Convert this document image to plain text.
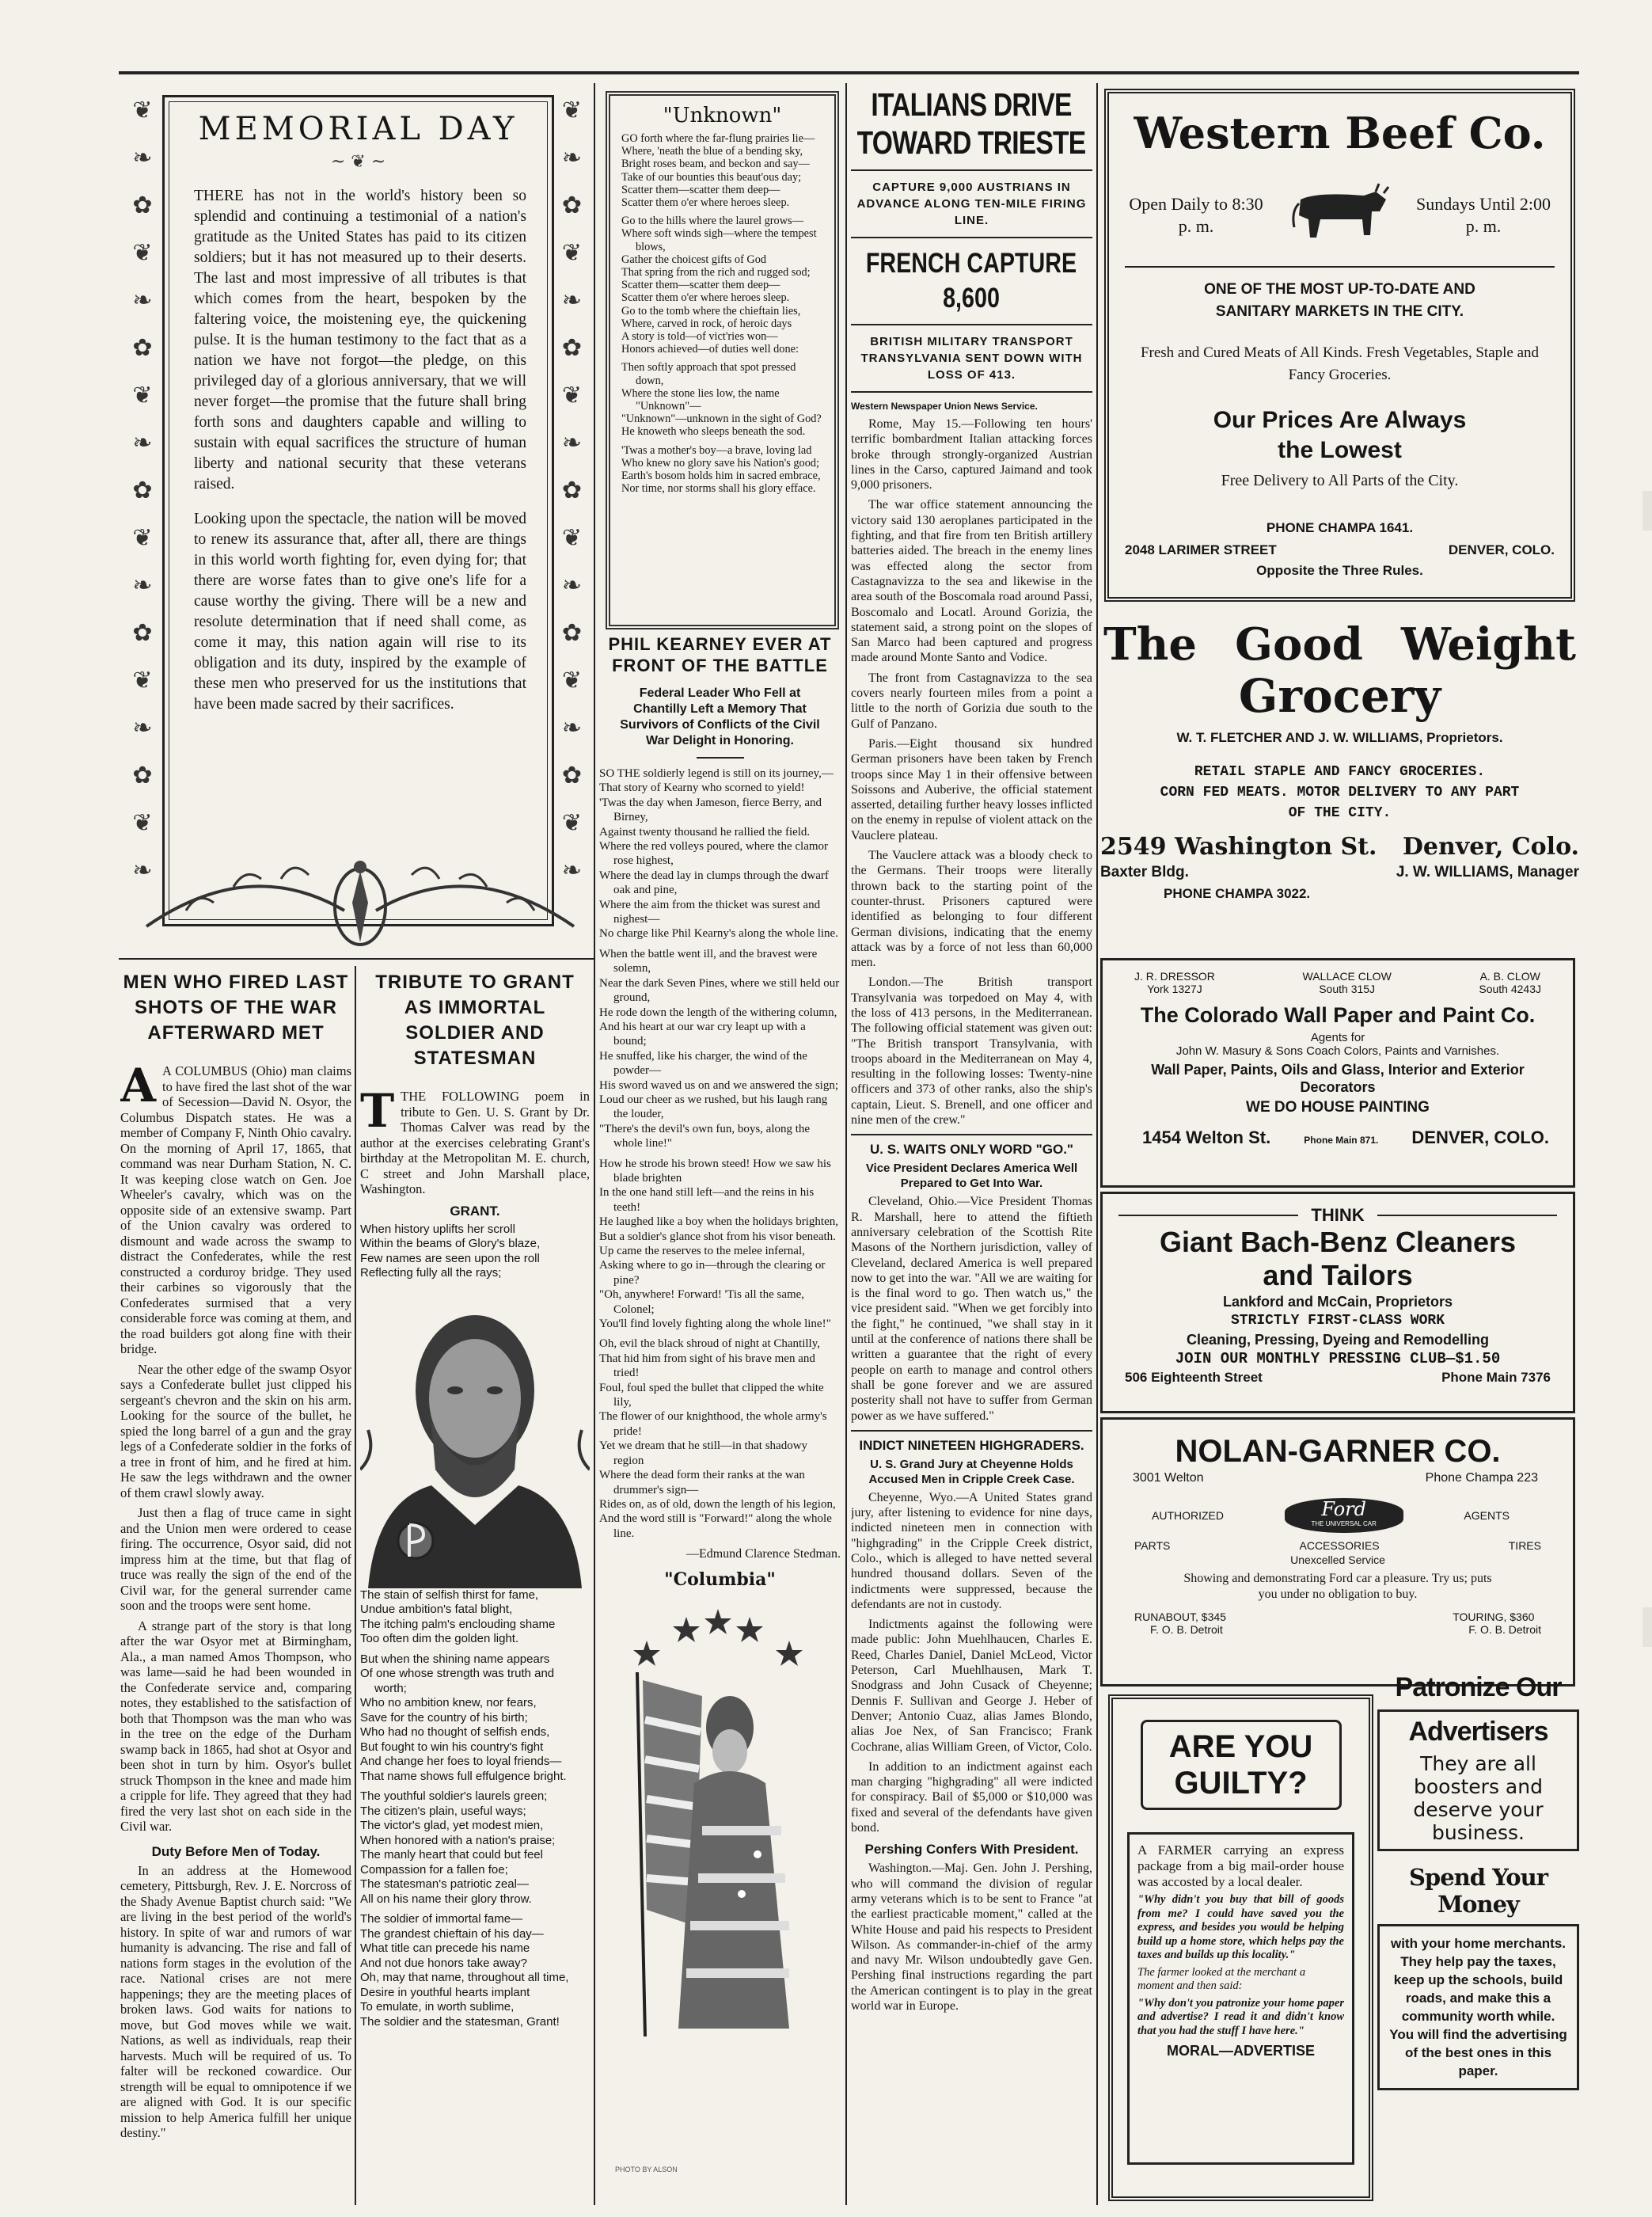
❦
❧
✿
❦
❧
✿
❦
❧
✿
❦
❧
✿
❦
❧
✿
❦
❧
❦
❧
✿
❦
❧
✿
❦
❧
✿
❦
❧
✿
❦
❧
✿
❦
❧
MEMORIAL DAY
~ ❦ ~

THERE has not in the world's history been so splendid and continuing a testimonial of a nation's gratitude as the United States has paid to its citizen soldiers; but it has not measured up to their deserts. The last and most impressive of all tributes is that which comes from the heart, bespoken by the faltering voice, the moistening eye, the quickening pulse. It is the human testimony to the fact that as a nation we have not forgot—the pledge, on this privileged day of a glorious anniversary, that we will never forget—the promise that the future shall bring forth sons and daughters capable and willing to sustain with equal sacrifices the structure of human liberty and national security that these veterans raised.

Looking upon the spectacle, the nation will be moved to renew its assurance that, after all, there are things in this world worth fighting for, even dying for; that there are worse fates than to give one's life for a cause worthy the giving. There will be a new and resolute determination that if need shall come, as come it may, this nation again will rise to its obligation and its duty, inspired by the example of these men who preserved for us the institutions that have been made sacred by their sacrifices.

"Unknown"
GO forth where the far-flung prairies lie—
Where, 'neath the blue of a bending sky,
Bright roses beam, and beckon and say—
Take of our bounties this beaut'ous day;
Scatter them—scatter them deep—
Scatter them o'er where heroes sleep.
Go to the hills where the laurel grows—
Where soft winds sigh—where the tempest blows,
Gather the choicest gifts of God
That spring from the rich and rugged sod;
Scatter them—scatter them deep—
Scatter them o'er where heroes sleep.
Go to the tomb where the chieftain lies,
Where, carved in rock, of heroic days
A story is told—of vict'ries won—
Honors achieved—of duties well done:
Then softly approach that spot pressed down,
Where the stone lies low, the name "Unknown"—
"Unknown"—unknown in the sight of God?
He knoweth who sleeps beneath the sod.
'Twas a mother's boy—a brave, loving lad
Who knew no glory save his Nation's good;
Earth's bosom holds him in sacred embrace,
Nor time, nor storms shall his glory efface.
PHIL KEARNEY EVER AT FRONT OF THE BATTLE
Federal Leader Who Fell at Chantilly Left a Memory That Survivors of Conflicts of the Civil War Delight in Honoring.
SO THE soldierly legend is still on its journey,—
That story of Kearny who scorned to yield!
'Twas the day when Jameson, fierce Berry, and Birney,
Against twenty thousand he rallied the field.
Where the red volleys poured, where the clamor rose highest,
Where the dead lay in clumps through the dwarf oak and pine,
Where the aim from the thicket was surest and nighest—
No charge like Phil Kearny's along the whole line.
When the battle went ill, and the bravest were solemn,
Near the dark Seven Pines, where we still held our ground,
He rode down the length of the withering column,
And his heart at our war cry leapt up with a bound;
He snuffed, like his charger, the wind of the powder—
His sword waved us on and we answered the sign;
Loud our cheer as we rushed, but his laugh rang the louder,
"There's the devil's own fun, boys, along the whole line!"
How he strode his brown steed! How we saw his blade brighten
In the one hand still left—and the reins in his teeth!
He laughed like a boy when the holidays brighten,
But a soldier's glance shot from his visor beneath.
Up came the reserves to the melee infernal,
Asking where to go in—through the clearing or pine?
"Oh, anywhere! Forward! 'Tis all the same, Colonel;
You'll find lovely fighting along the whole line!"
Oh, evil the black shroud of night at Chantilly,
That hid him from sight of his brave men and tried!
Foul, foul sped the bullet that clipped the white lily,
The flower of our knighthood, the whole army's pride!
Yet we dream that he still—in that shadowy region
Where the dead form their ranks at the wan drummer's sign—
Rides on, as of old, down the length of his legion,
And the word still is "Forward!" along the whole line.
—Edmund Clarence Stedman.
"Columbia"
PHOTO BY ALSON
MEN WHO FIRED LAST SHOTS OF THE WAR AFTERWARD MET

A A COLUMBUS (Ohio) man claims to have fired the last shot of the war of Secession—David N. Osyor, the Columbus Dispatch states. He was a member of Company F, Ninth Ohio cavalry. On the morning of April 17, 1865, that command was near Durham Station, N. C. It was keeping close watch on Gen. Joe Wheeler's cavalry, which was on the opposite side of an extensive swamp. Part of the Union cavalry was ordered to dismount and wade across the swamp to distract the Confederates, while the rest constructed a corduroy bridge. They used their carbines so vigorously that the Confederates surmised that a very considerable force was coming at them, and the road builders got along fine with their bridge.

Near the other edge of the swamp Osyor says a Confederate bullet just clipped his sergeant's chevron and the skin on his arm. Looking for the source of the bullet, he spied the long barrel of a gun and the gray legs of a Confederate soldier in the forks of a tree in front of him, and he fired at him. He saw the legs withdrawn and the owner of them crawl slowly away.

Just then a flag of truce came in sight and the Union men were ordered to cease firing. The occurrence, Osyor said, did not impress him at the time, but that flag of truce was really the sign of the end of the Civil war, for the general surrender came soon and the troops were sent home.

A strange part of the story is that long after the war Osyor met at Birmingham, Ala., a man named Amos Thompson, who was lame—said he had been wounded in the Confederate service and, comparing notes, they established to the satisfaction of both that Thompson was the man who was in the tree on the edge of the Durham swamp back in 1865, had shot at Osyor and been shot in turn by him. Osyor's bullet struck Thompson in the knee and made him a cripple for life. They agreed that they had fired the very last shot on each side in the Civil war.

Duty Before Men of Today.

In an address at the Homewood cemetery, Pittsburgh, Rev. J. E. Norcross of the Shady Avenue Baptist church said: "We are living in the best period of the world's history. In spite of war and rumors of war humanity is advancing. The rise and fall of nations form stages in the evolution of the race. National crises are not mere happenings; they are the meeting places of broken laws. God waits for nations to move, but God moves while we wait. Nations, as well as individuals, reap their harvests. Much will be required of us. To falter will be reckoned cowardice. Our strength will be equal to omnipotence if we are aligned with God. It is our specific mission to help America fulfill her unique destiny."

TRIBUTE TO GRANT AS IMMORTAL SOLDIER AND STATESMAN

TTHE FOLLOWING poem in tribute to Gen. U. S. Grant by Dr. Thomas Calver was read by the author at the exercises celebrating Grant's birthday at the Metropolitan M. E. church, C street and John Marshall place, Washington.

GRANT.
When history uplifts her scroll
Within the beams of Glory's blaze,
Few names are seen upon the roll
Reflecting fully all the rays;
The stain of selfish thirst for fame,
Undue ambition's fatal blight,
The itching palm's enclouding shame
Too often dim the golden light.
But when the shining name appears
Of one whose strength was truth and worth;
Who no ambition knew, nor fears,
Save for the country of his birth;
Who had no thought of selfish ends,
But fought to win his country's fight
And change her foes to loyal friends—
That name shows full effulgence bright.
The youthful soldier's laurels green;
The citizen's plain, useful ways;
The victor's glad, yet modest mien,
When honored with a nation's praise;
The manly heart that could but feel
Compassion for a fallen foe;
The statesman's patriotic zeal—
All on his name their glory throw.
The soldier of immortal fame—
The grandest chieftain of his day—
What title can precede his name
And not due honors take away?
Oh, may that name, throughout all time,
Desire in youthful hearts implant
To emulate, in worth sublime,
The soldier and the statesman, Grant!
ITALIANS DRIVE TOWARD TRIESTE
CAPTURE 9,000 AUSTRIANS IN ADVANCE ALONG TEN-MILE FIRING LINE.
FRENCH CAPTURE 8,600
BRITISH MILITARY TRANSPORT TRANSYLVANIA SENT DOWN WITH LOSS OF 413.
Western Newspaper Union News Service.

Rome, May 15.—Following ten hours' terrific bombardment Italian attacking forces broke through strongly-organized Austrian lines in the Carso, captured Jaimand and took 9,000 prisoners.

The war office statement announcing the victory said 130 aeroplanes participated in the fighting, and that fire from ten British artillery batteries aided. The breach in the enemy lines was effected along the sector from Castagnavizza to the sea and likewise in the area south of the Boscomala road around Passi, Boscomalo and Locatl. Around Gorizia, the statement said, a strong point on the slopes of San Marco had been captured and progress made around Monte Santo and Vodice.

The front from Castagnavizza to the sea covers nearly fourteen miles from a point a little to the north of Gorizia due south to the Gulf of Panzano.

Paris.—Eight thousand six hundred German prisoners have been taken by French troops since May 1 in their offensive between Soissons and Auberive, the official statement asserted, detailing further heavy losses inflicted on the enemy in repulse of violent attack on the Vauclere plateau.

The Vauclere attack was a bloody check to the Germans. Their troops were literally thrown back to the starting point of the counter-thrust. Prisoners captured were identified as belonging to four different German divisions, indicating that the enemy attack was by a force of not less than 60,000 men.

London.—The British transport Transylvania was torpedoed on May 4, with the loss of 413 persons, in the Mediterranean. The following official statement was given out: "The British transport Transylvania, with troops aboard in the Mediterranean on May 4, resulting in the following losses: Twenty-nine officers and 373 of other ranks, also the ship's captain, Lieut. S. Brenell, and one officer and nine men of the crew."

U. S. WAITS ONLY WORD "GO."
Vice President Declares America Well Prepared to Get Into War.

Cleveland, Ohio.—Vice President Thomas R. Marshall, here to attend the fiftieth anniversary celebration of the Scottish Rite Masons of the Northern jurisdiction, valley of Cleveland, declared America is well prepared now to get into the war. "All we are waiting for is the final word to go. Then watch us," the vice president said. "When we get forcibly into the fight," he continued, "we shall stay in it until at the conference of nations there shall be written a guarantee that the right of every people on earth to manage and control others shall be gone forever and we are assured posterity shall not have to suffer from German power as we have suffered."

INDICT NINETEEN HIGHGRADERS.
U. S. Grand Jury at Cheyenne Holds Accused Men in Cripple Creek Case.

Cheyenne, Wyo.—A United States grand jury, after listening to evidence for nine days, indicted nineteen men in connection with "highgrading" in the Cripple Creek district, Colo., which is alleged to have netted several hundred thousand dollars. Seven of the indictments were suppressed, because the defendants are not in custody.

Indictments against the following were made public: John Muehlhaucen, Charles E. Reed, Charles Daniel, Daniel McLeod, Victor Peterson, Carl Muehlhausen, Mark T. Snodgrass and John Cusack of Cheyenne; Dennis F. Sullivan and George J. Heber of Denver; Antonio Cuaz, alias James Blondo, alias Joe Nex, of San Francisco; Frank Cochrane, alias William Green, of Victor, Colo.

In addition to an indictment against each man charging "highgrading" all were indicted for conspiracy. Bail of $5,000 or $10,000 was fixed and several of the defendants have given bond.

Pershing Confers With President.

Washington.—Maj. Gen. John J. Pershing, who will command the division of regular army veterans which is to be sent to France "at the earliest practicable moment," called at the White House and paid his respects to President Wilson. As commander-in-chief of the army and navy Mr. Wilson undoubtedly gave Gen. Pershing final instructions regarding the part the American contingent is to play in the great world war in Europe.

Western Beef Co.
Open Daily to 8:30 p. m.
Sundays Until 2:00 p. m.
ONE OF THE MOST UP-TO-DATE AND SANITARY MARKETS IN THE CITY.
Fresh and Cured Meats of All Kinds. Fresh Vegetables, Staple and Fancy Groceries.
Our Prices Are Always the Lowest
Free Delivery to All Parts of the City.
PHONE CHAMPA 1641.
2048 LARIMER STREET	DENVER, COLO.
Opposite the Three Rules.
The Good Weight
Grocery
W. T. FLETCHER AND J. W. WILLIAMS, Proprietors.
RETAIL STAPLE AND FANCY GROCERIES.
CORN FED MEATS. MOTOR DELIVERY TO ANY PART OF THE CITY.
2549 Washington St. Denver, Colo.
Baxter Bldg.	J. W. WILLIAMS, Manager
PHONE CHAMPA 3022.
J. R. DRESSOR
York 1327J
WALLACE CLOW
South 315J
A. B. CLOW
South 4243J
The Colorado Wall Paper and Paint Co.
Agents for
John W. Masury & Sons Coach Colors, Paints and Varnishes.
Wall Paper, Paints, Oils and Glass, Interior and Exterior Decorators
WE DO HOUSE PAINTING
1454 Welton St.	Phone Main 871. DENVER, COLO.
THINK
Giant Bach-Benz Cleaners
and Tailors
Lankford and McCain, Proprietors
STRICTLY FIRST-CLASS WORK
Cleaning, Pressing, Dyeing and Remodelling
JOIN OUR MONTHLY PRESSING CLUB—$1.50
506 Eighteenth Street	Phone Main 7376
NOLAN-GARNER CO.
3001 Welton	Phone Champa 223
AUTHORIZED	Ford
THE UNIVERSAL CAR
AGENTS
PARTS	ACCESSORIES	TIRES
Unexcelled Service
Showing and demonstrating Ford car a pleasure. Try us; puts you under no obligation to buy.
RUNABOUT, $345
F. O. B. Detroit
TOURING, $360
F. O. B. Detroit
ARE YOU GUILTY?

A FARMER carrying an express package from a big mail-order house was accosted by a local dealer.

"Why didn't you buy that bill of goods from me? I could have saved you the express, and besides you would be helping build up a home store, which helps pay the taxes and builds up this locality."

The farmer looked at the merchant a moment and then said:

"Why don't you patronize your home paper and advertise? I read it and didn't know that you had the stuff I have here."

MORAL—ADVERTISE
Patronize Our
Advertisers
They are all boosters and deserve your business.
Spend Your Money
with your home merchants. They help pay the taxes, keep up the schools, build roads, and make this a community worth while. You will find the advertising of the best ones in this paper.
